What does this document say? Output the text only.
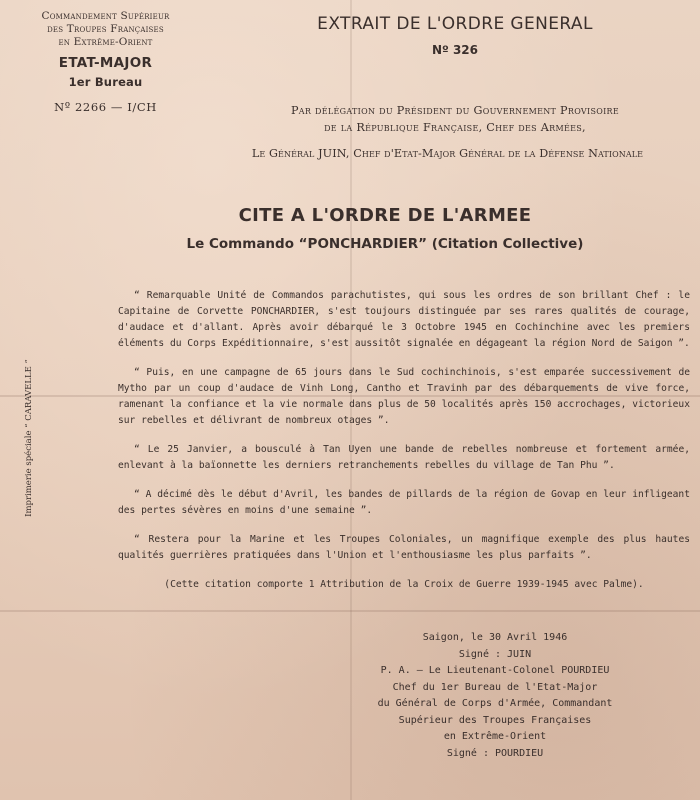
Commandement Supérieur
des Troupes Françaises
en Extrême-Orient
ETAT-MAJOR
1er Bureau
Nº 2266 — I/CH
EXTRAIT DE L'ORDRE GENERAL
Nº 326
Par délégation du Président du Gouvernement Provisoire
de la République Française, Chef des Armées,
Le Général JUIN, Chef d'Etat-Major Général de la Défense Nationale
CITE A L'ORDRE DE L'ARMEE
Le Commando “PONCHARDIER” (Citation Collective)
Imprimerie spéciale “ CARAVELLE ”

“ Remarquable Unité de Commandos parachutistes, qui sous les ordres de son brillant Chef : le Capitaine de Corvette PONCHARDIER, s'est toujours distinguée par ses rares qualités de courage, d'audace et d'allant. Après avoir débarqué le 3 Octobre 1945 en Cochinchine avec les premiers éléments du Corps Expéditionnaire, s'est aussitôt signalée en dégageant la région Nord de Saigon ”.

“ Puis, en une campagne de 65 jours dans le Sud cochinchinois, s'est emparée successivement de Mytho par un coup d'audace de Vinh Long, Cantho et Travinh par des débarquements de vive force, ramenant la confiance et la vie normale dans plus de 50 localités après 150 accrochages, victorieux sur rebelles et délivrant de nombreux otages ”.

“ Le 25 Janvier, a bousculé à Tan Uyen une bande de rebelles nombreuse et fortement armée, enlevant à la baïonnette les derniers retranchements rebelles du village de Tan Phu ”.

“ A décimé dès le début d'Avril, les bandes de pillards de la région de Govap en leur infligeant des pertes sévères en moins d'une semaine ”.

“ Restera pour la Marine et les Troupes Coloniales, un magnifique exemple des plus hautes qualités guerrières pratiquées dans l'Union et l'enthousiasme les plus parfaits ”.

(Cette citation comporte 1 Attribution de la Croix de Guerre 1939-1945 avec Palme).

Saigon, le 30 Avril 1946
Signé : JUIN
P. A. — Le Lieutenant-Colonel POURDIEU
Chef du 1er Bureau de l'Etat-Major
du Général de Corps d'Armée, Commandant
Supérieur des Troupes Françaises
en Extrême-Orient
Signé : POURDIEU
